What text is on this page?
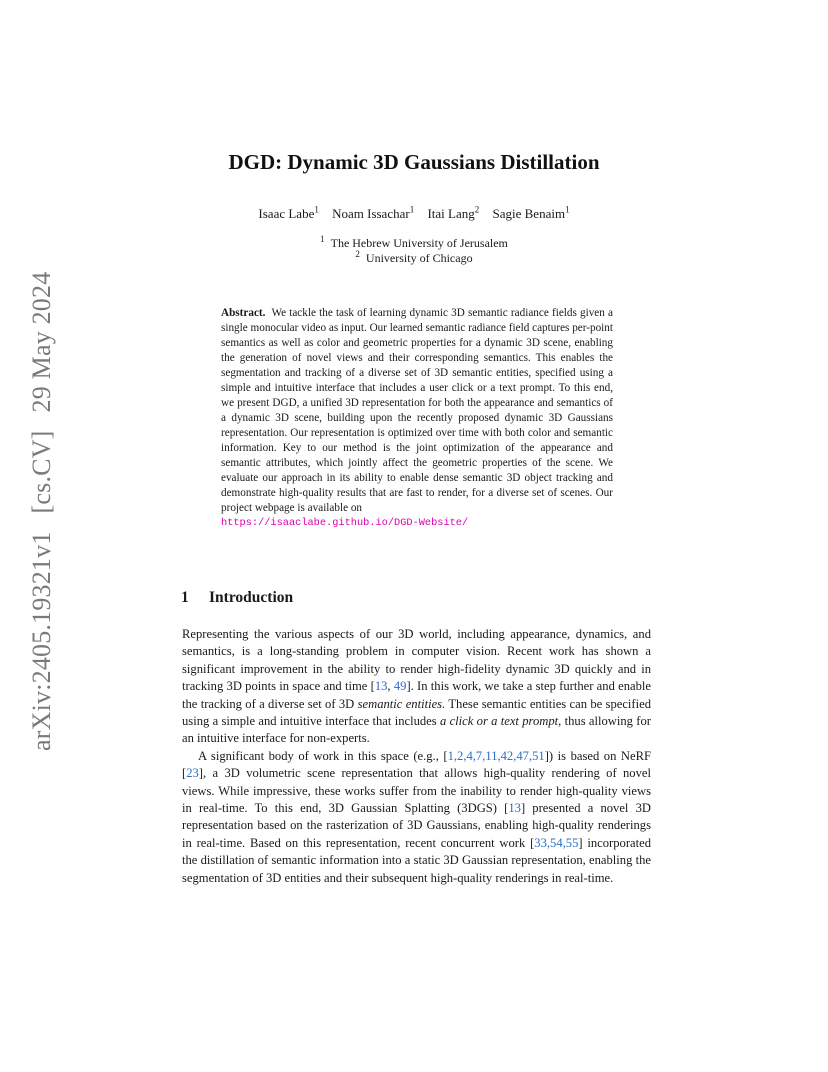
arXiv:2405.19321v1[cs.CV]29 May 2024
DGD: Dynamic 3D Gaussians Distillation
Isaac Labe$^1$ Noam Issachar$^1$ Itai Lang$^2$ Sagie Benaim$^1$
$^1$ The Hebrew University of Jerusalem
$^2$ University of Chicago
Abstract. We tackle the task of learning dynamic 3D semantic radiance fields given a single monocular video as input. Our learned semantic radiance field captures per-point semantics as well as color and geometric properties for a dynamic 3D scene, enabling the generation of novel views and their corresponding semantics. This enables the segmentation and tracking of a diverse set of 3D semantic entities, specified using a simple and intuitive interface that includes a user click or a text prompt. To this end, we present DGD, a unified 3D representation for both the appearance and semantics of a dynamic 3D scene, building upon the recently proposed dynamic 3D Gaussians representation. Our representation is optimized over time with both color and semantic information. Key to our method is the joint optimization of the appearance and semantic attributes, which jointly affect the geometric properties of the scene. We evaluate our approach in its ability to enable dense semantic 3D object tracking and demonstrate high-quality results that are fast to render, for a diverse set of scenes. Our project webpage is available on
https://isaaclabe.github.io/DGD-Website/
1 Introduction

Representing the various aspects of our 3D world, including appearance, dynamics, and semantics, is a long-standing problem in computer vision. Recent work has shown a significant improvement in the ability to render high-fidelity dynamic 3D quickly and in tracking 3D points in space and time [13, 49]. In this work, we take a step further and enable the tracking of a diverse set of 3D semantic entities. These semantic entities can be specified using a simple and intuitive interface that includes a click or a text prompt, thus allowing for an intuitive interface for non-experts.

A significant body of work in this space (e.g., [1,2,4,7,11,42,47,51]) is based on NeRF [23], a 3D volumetric scene representation that allows high-quality rendering of novel views. While impressive, these works suffer from the inability to render high-quality views in real-time. To this end, 3D Gaussian Splatting (3DGS) [13] presented a novel 3D representation based on the rasterization of 3D Gaussians, enabling high-quality renderings in real-time. Based on this representation, recent concurrent work [33,54,55] incorporated the distillation of semantic information into a static 3D Gaussian representation, enabling the segmentation of 3D entities and their subsequent high-quality renderings in real-time.
